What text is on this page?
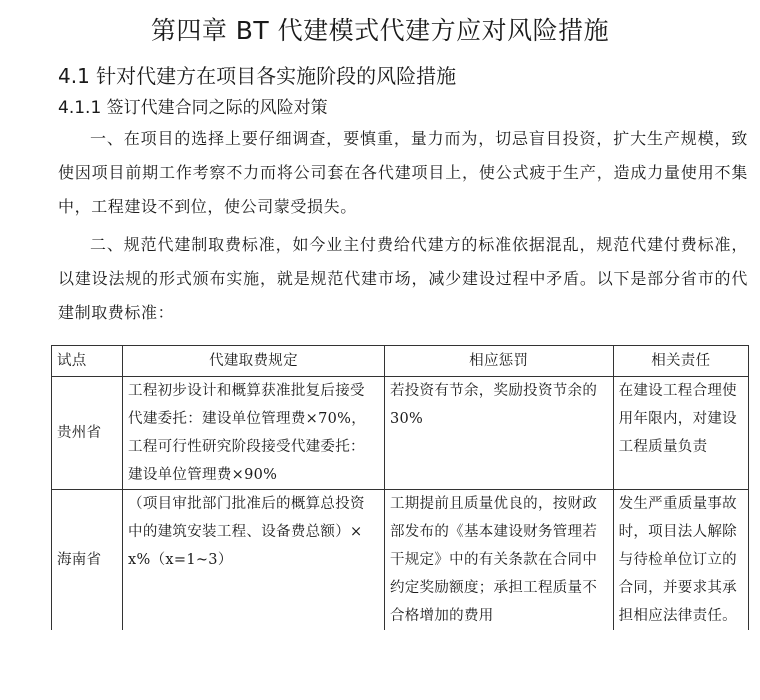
第四章 BT 代建模式代建方应对风险措施
4.1 针对代建方在项目各实施阶段的风险措施
4.1.1 签订代建合同之际的风险对策

一、在项目的选择上要仔细调查，要慎重，量力而为，切忌盲目投资，扩大生产规模，致使因项目前期工作考察不力而将公司套在各代建项目上，使公式疲于生产，造成力量使用不集中，工程建设不到位，使公司蒙受损失。

二、规范代建制取费标准，如今业主付费给代建方的标准依据混乱，规范代建付费标准，以建设法规的形式颁布实施，就是规范代建市场，减少建设过程中矛盾。以下是部分省市的代建制取费标准：

试点	代建取费规定	相应惩罚	相关责任
贵州省	工程初步设计和概算获准批复后接受代建委托：建设单位管理费×70%，工程可行性研究阶段接受代建委托：建设单位管理费×90%	若投资有节余，奖励投资节余的 30%	在建设工程合理使用年限内，对建设工程质量负责
海南省	（项目审批部门批准后的概算总投资中的建筑安装工程、设备费总额）×x%（x=1~3）	工期提前且质量优良的，按财政部发布的《基本建设财务管理若干规定》中的有关条款在合同中约定奖励额度；承担工程质量不合格增加的费用	发生严重质量事故时，项目法人解除与待检单位订立的合同，并要求其承担相应法律责任。
